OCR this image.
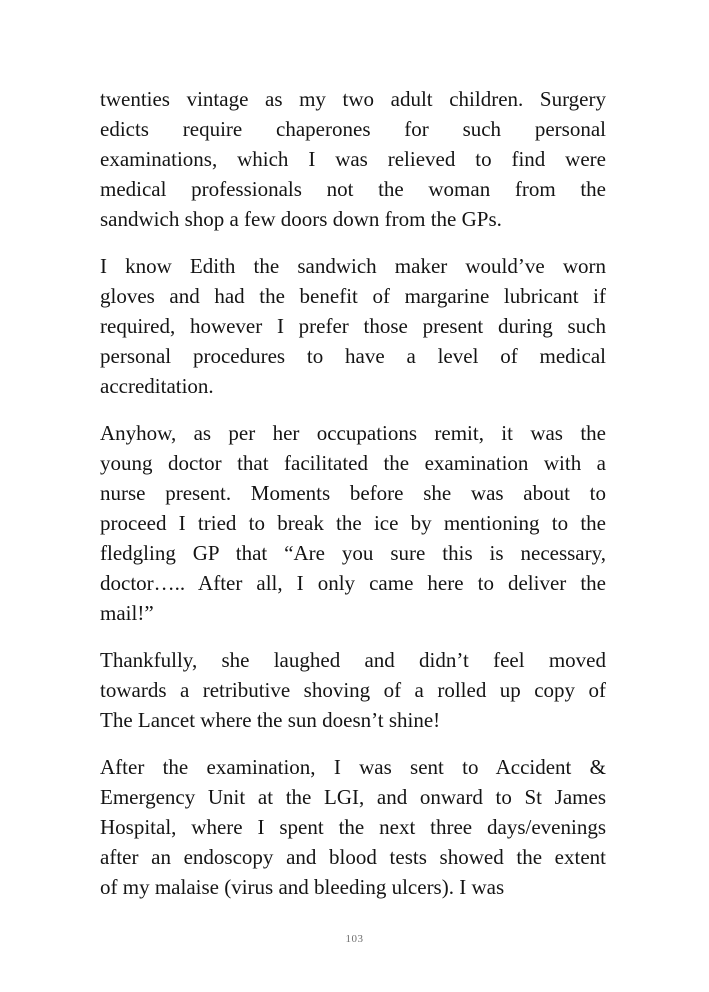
twenties vintage as my two adult children. Surgery
edicts require chaperones for such personal
examinations, which I was relieved to find were
medical professionals not the woman from the
sandwich shop a few doors down from the GPs.

I know Edith the sandwich maker would’ve worn
gloves and had the benefit of margarine lubricant if
required, however I prefer those present during such
personal procedures to have a level of medical
accreditation.

Anyhow, as per her occupations remit, it was the
young doctor that facilitated the examination with a
nurse present. Moments before she was about to
proceed I tried to break the ice by mentioning to the
fledgling GP that “Are you sure this is necessary,
doctor….. After all, I only came here to deliver the
mail!”

Thankfully, she laughed and didn’t feel moved
towards a retributive shoving of a rolled up copy of
The Lancet where the sun doesn’t shine!

After the examination, I was sent to Accident &
Emergency Unit at the LGI, and onward to St James
Hospital, where I spent the next three days/evenings
after an endoscopy and blood tests showed the extent
of my malaise (virus and bleeding ulcers). I was

103
